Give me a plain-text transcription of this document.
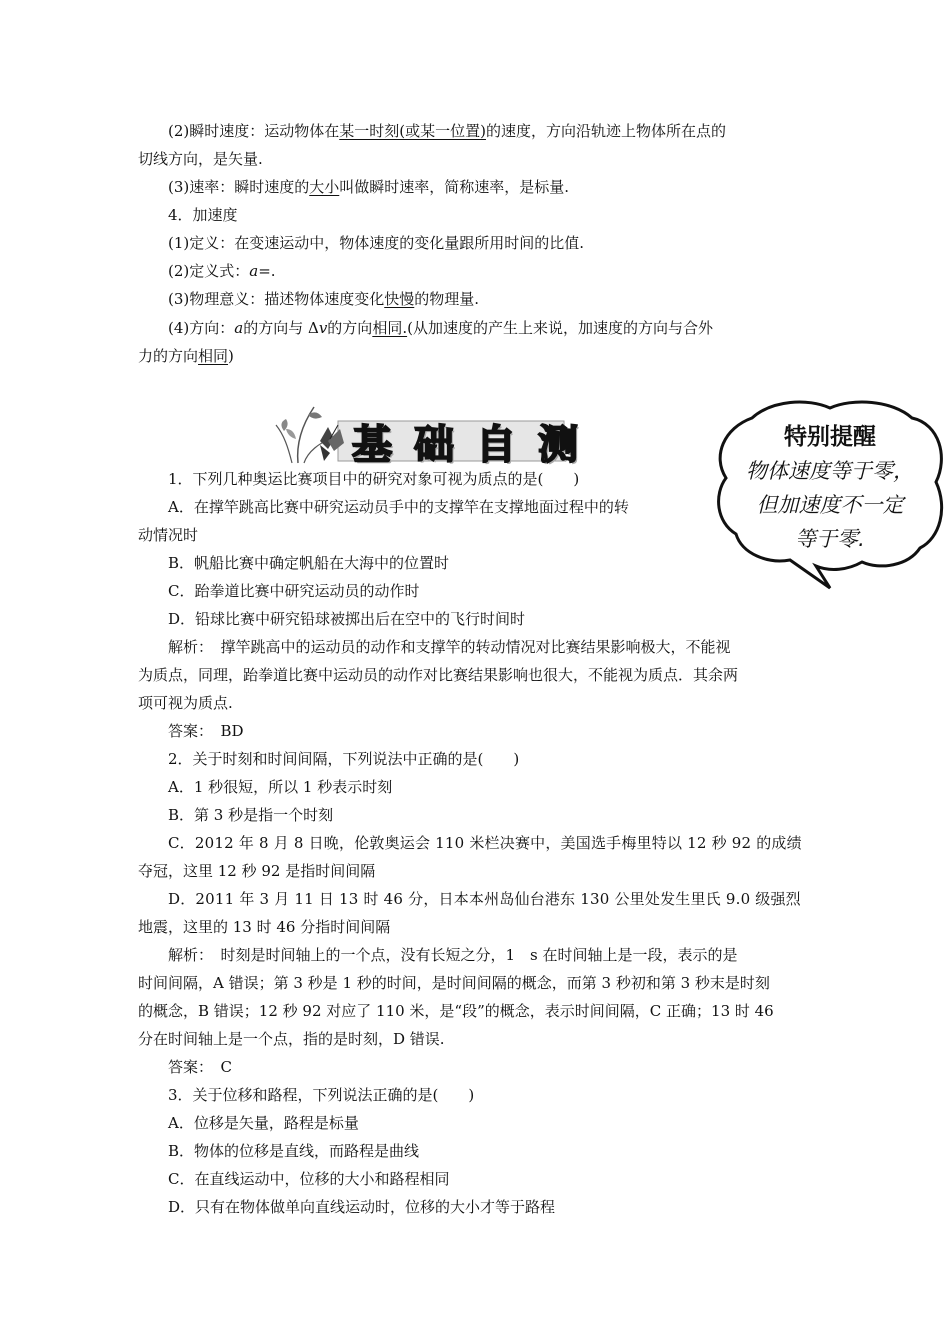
(2)瞬时速度：运动物体在某一时刻(或某一位置)的速度，方向沿轨迹上物体所在点的
切线方向，是矢量.
(3)速率：瞬时速度的大小叫做瞬时速率，简称速率，是标量.
4．加速度
(1)定义：在变速运动中，物体速度的变化量跟所用时间的比值.
(2)定义式：a=.
(3)物理意义：描述物体速度变化快慢的物理量.
(4)方向：a的方向与 Δv的方向相同.(从加速度的产生上来说，加速度的方向与合外
力的方向相同)
基础自测	特别提醒
物体速度等于零，
但加速度不一定
等于零.
1．下列几种奥运比赛项目中的研究对象可视为质点的是(　　)
A．在撑竿跳高比赛中研究运动员手中的支撑竿在支撑地面过程中的转
动情况时
B．帆船比赛中确定帆船在大海中的位置时
C．跆拳道比赛中研究运动员的动作时
D．铅球比赛中研究铅球被掷出后在空中的飞行时间时
解析：　撑竿跳高中的运动员的动作和支撑竿的转动情况对比赛结果影响极大，不能视
为质点，同理，跆拳道比赛中运动员的动作对比赛结果影响也很大，不能视为质点．其余两
项可视为质点.
答案：　BD
2．关于时刻和时间间隔，下列说法中正确的是(　　)
A．1 秒很短，所以 1 秒表示时刻
B．第 3 秒是指一个时刻
C．2012 年 8 月 8 日晚，伦敦奥运会 110 米栏决赛中，美国选手梅里特以 12 秒 92 的成绩
夺冠，这里 12 秒 92 是指时间间隔
D．2011 年 3 月 11 日 13 时 46 分，日本本州岛仙台港东 130 公里处发生里氏 9.0 级强烈
地震，这里的 13 时 46 分指时间间隔
解析：　时刻是时间轴上的一个点，没有长短之分，1　s 在时间轴上是一段，表示的是
时间间隔，A 错误；第 3 秒是 1 秒的时间，是时间间隔的概念，而第 3 秒初和第 3 秒末是时刻
的概念，B 错误；12 秒 92 对应了 110 米，是“段”的概念，表示时间间隔，C 正确；13 时 46
分在时间轴上是一个点，指的是时刻，D 错误.
答案：　C
3．关于位移和路程，下列说法正确的是(　　)
A．位移是矢量，路程是标量
B．物体的位移是直线，而路程是曲线
C．在直线运动中，位移的大小和路程相同
D．只有在物体做单向直线运动时，位移的大小才等于路程
